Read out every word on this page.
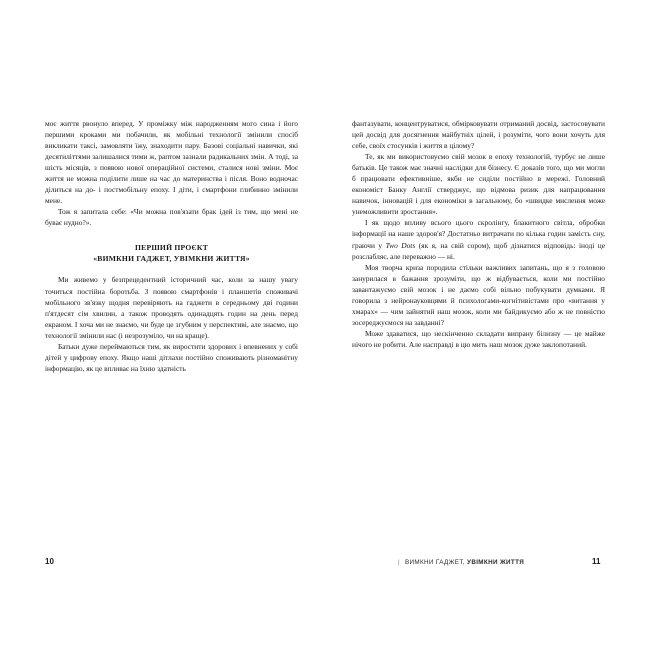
моє життя рвонуло вперед. У проміжку між народженням мого сина і його першими кроками ми побачили, як мобільні технології змінили спосіб викликати таксі, замовляти їжу, знаходити пару. Базові соціальні навички, які десятиліттями залишалися тими ж, раптом зазнали радикальних змін. А тоді, за шість місяців, з появою нової операційної системи, сталися нові зміни. Моє життя не можна поділити лише на час до материнства і після. Воно водночас ділиться на до- і постмобільну епоху. І діти, і смартфони глибинно змінили мене.

Тож я запитала себе: «Чи можна пов'язати брак ідей із тим, що мені не буває нудно?».

ПЕРШИЙ ПРОЄКТ
«ВИМКНИ ГАДЖЕТ, УВІМКНИ ЖИТТЯ»

Ми живемо у безпрецедентний історичний час, коли за нашу увагу точиться постійна боротьба. З появою смартфонів і планшетів споживачі мобільного зв'язку щодня перевіряють на гаджети в середньому дві години п'ятдесят сім хвилин, а також проводять одинадцять годин на день перед екраном. І хоча ми не знаємо, чи буде це згубним у перспективі, але знаємо, що технології змінили нас (і незрозуміло, чи на краще).

Батьки дуже переймаються тим, як виростити здорових і впевнених у собі дітей у цифрову епоху. Якщо наші дітлахи постійно споживають різноманітну інформацію, як це впливає на їхню здатність

фантазувати, концентруватися, обмірковувати отриманий досвід, застосовувати цей досвід для досягнення майбутніх цілей, і розуміти, чого вони хочуть для себе, своїх стосунків і життя в цілому?

Те, як ми використовуємо свій мозок в епоху технологій, турбує не лише батьків. Це також має значні наслідки для бізнесу. Є доказів того, що ми могли б працювати ефективніше, якби не сиділи постійно в мережі. Головний економіст Банку Англії стверджує, що відмова ризик для напрацювання навичок, інновацій і для економіки в загальному, бо «швидке мислення може унеможливити зростання».

І як щодо впливу всього цього скролінгу, блакитного світла, обробки інформації на наше здоров'я? Достатньо витрачати по кілька годин замість сну, граючи у Two Dots (як я, на свій сором), щоб дізнатися відповідь: іноді це розслабляє, але переважно — ні.

Моя творча криза породила стільки важливих запитань, що я з головою занурилася в бажання зрозуміти, що ж відбувається, коли ми постійно завантажуємо свій мозок і не даємо собі вільно побукувати думками. Я говорила з нейронауковцями й психологами-когнітивістами про «витання у хмарах» — чим зайнятий наш мозок, коли ми байдикуємо або ж не повністю зосереджуємося на завданні?

Може здаватися, що нескінченно складати випрану білизну — це майже нічого не робити. Але насправді в цю мить наш мозок дуже заклопотаний.

10	| ВИМКНИ ГАДЖЕТ, УВІМКНИ ЖИТТЯ	11
